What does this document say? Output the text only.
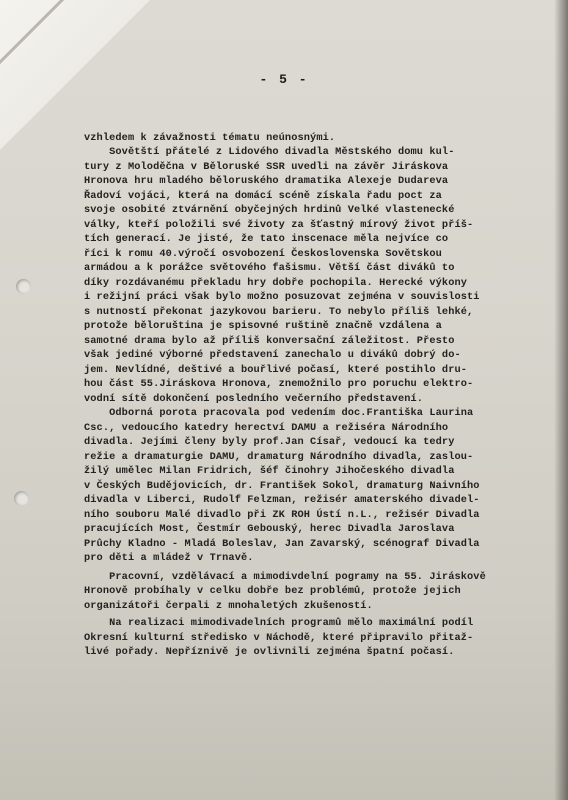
- 5 -
vzhledem k závažnosti tématu neúnosnými.
Sovětští přátelé z Lidového divadla Městského domu kul-
tury z Moloděčna v Běloruské SSR uvedli na závěr Jiráskova
Hronova hru mladého běloruského dramatika Alexeje Dudareva
Řadoví vojáci, která na domácí scéně získala řadu poct za
svoje osobité ztvárnění obyčejných hrdinů Velké vlastenecké
války, kteří položili své životy za šťastný mírový život příš-
tích generací. Je jisté, že tato inscenace měla nejvíce co
říci k romu 40.výročí osvobození Československa Sovětskou
armádou a k porážce světového fašismu. Větší část diváků to
díky rozdávanému překladu hry dobře pochopila. Herecké výkony
i režijní práci však bylo možno posuzovat zejména v souvislosti
s nutností překonat jazykovou barieru. To nebylo příliš lehké,
protože běloruština je spisovné ruštině značně vzdálena a
samotné drama bylo až příliš konversační záležitost. Přesto
však jediné výborné představení zanechalo u diváků dobrý do-
jem. Nevlídné, deštivé a bouřlivé počasí, které postihlo dru-
hou část 55.Jiráskova Hronova, znemožnilo pro poruchu elektro-
vodní sítě dokončení posledního večerního představení.
Odborná porota pracovala pod vedením doc.Františka Laurina
Csc., vedoucího katedry herectví DAMU a režiséra Národního
divadla. Jejími členy byly prof.Jan Císař, vedoucí ka tedry
režie a dramaturgie DAMU, dramaturg Národního divadla, zaslou-
žilý umělec Milan Fridrich, šéf činohry Jihočeského divadla
v Českých Budějovicích, dr. František Sokol, dramaturg Naivního
divadla v Liberci, Rudolf Felzman, režisér amaterského divadel-
ního souboru Malé divadlo při ZK ROH Ústí n.L., režisér Divadla
pracujících Most, Čestmír Gebouský, herec Divadla Jaroslava
Průchy Kladno - Mladá Boleslav, Jan Zavarský, scénograf Divadla
pro děti a mládež v Trnavě.
Pracovní, vzdělávací a mimodivdelní pogramy na 55. Jiráskově
Hronově probíhaly v celku dobře bez problémů, protože jejich
organizátoři čerpali z mnohaletých zkušeností.
Na realizaci mimodivadelních programů mělo maximální podíl
Okresní kulturní středisko v Náchodě, které připravilo přitaž-
livé pořady. Nepříznivě je ovlivnili zejména špatní počasí.
